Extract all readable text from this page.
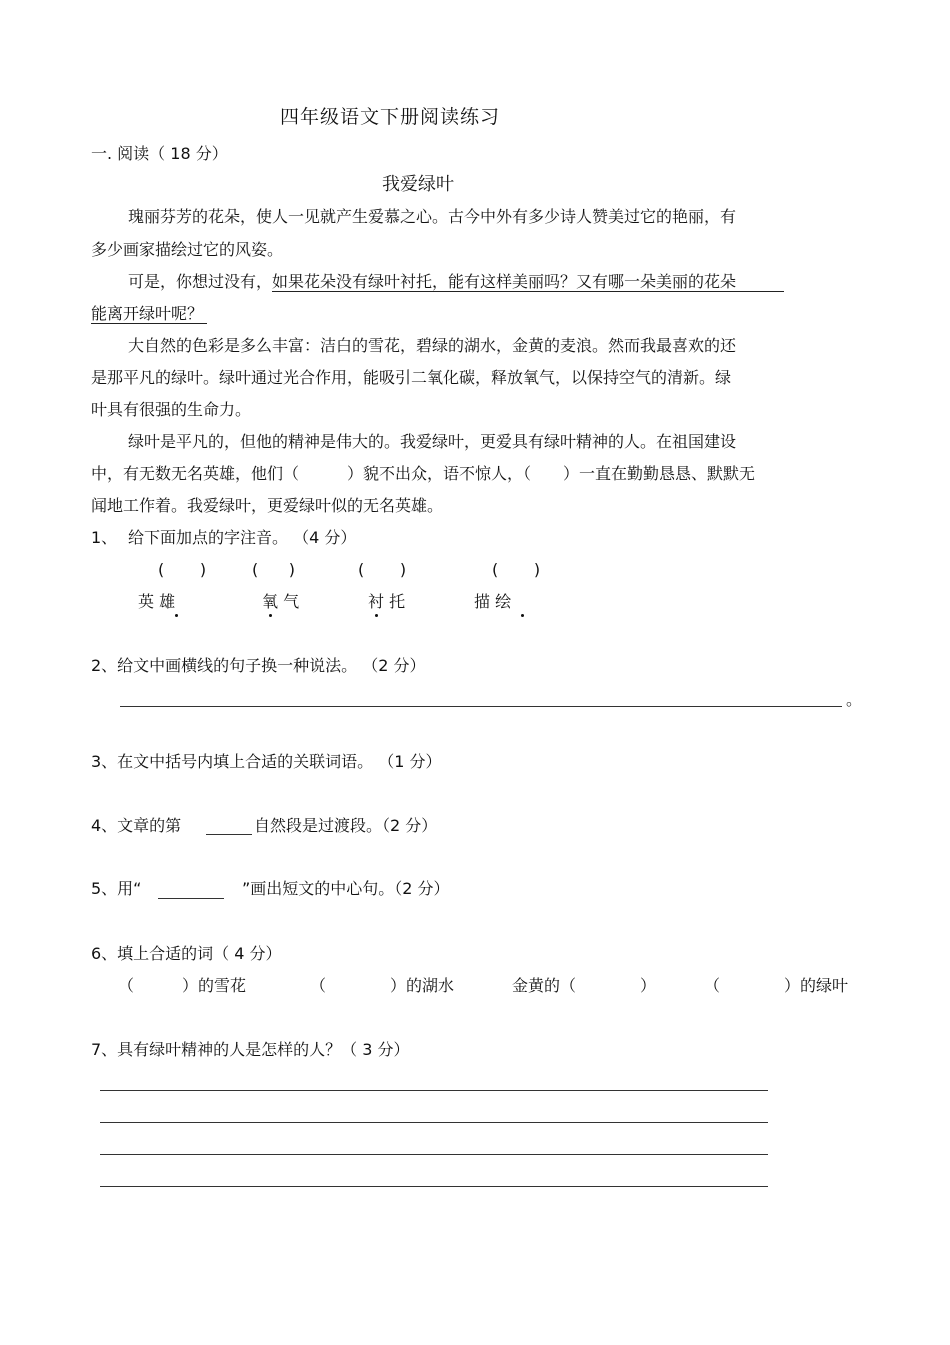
四年级语文下册阅读练习
一. 阅读（ 18 分）
我爱绿叶
瑰丽芬芳的花朵，使人一见就产生爱慕之心。古今中外有多少诗人赞美过它的艳丽，有
多少画家描绘过它的风姿。
可是，你想过没有，如果花朵没有绿叶衬托，能有这样美丽吗？又有哪一朵美丽的花朵
能离开绿叶呢？
大自然的色彩是多么丰富：洁白的雪花，碧绿的湖水，金黄的麦浪。然而我最喜欢的还
是那平凡的绿叶。绿叶通过光合作用，能吸引二氧化碳，释放氧气，以保持空气的清新。绿
叶具有很强的生命力。
绿叶是平凡的，但他的精神是伟大的。我爱绿叶，更爱具有绿叶精神的人。在祖国建设
中，有无数无名英雄，他们（　　　）貌不出众，语不惊人，（　　）一直在勤勤恳恳、默默无
闻地工作着。我爱绿叶，更爱绿叶似的无名英雄。
1、 给下面加点的字注音。 （4 分）
(       )	(      )	(       )	(       )
英 雄	氧 气	衬 托	描 绘
2、给文中画横线的句子换一种说法。 （2 分）
。
3、在文中括号内填上合适的关联词语。 （1 分）
4、文章的第	自然段是过渡段。（2 分）
5、用“	”画出短文的中心句。（2 分）
6、填上合适的词（ 4 分）
（　　　）的雪花	（　　　　）的湖水	金黄的（　　　　）	（　　　　）的绿叶
7、具有绿叶精神的人是怎样的人？（ 3 分）
